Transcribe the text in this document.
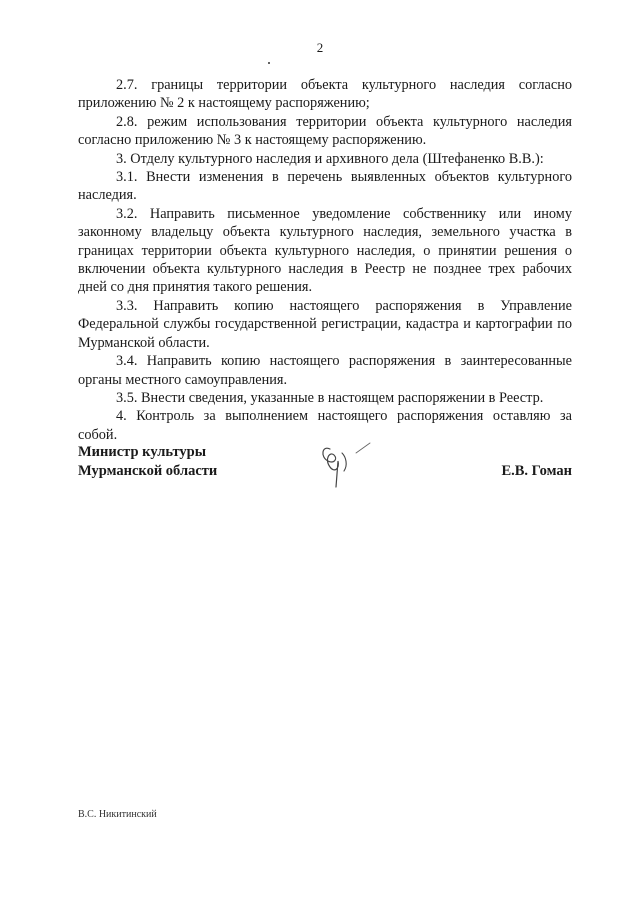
2

2.7. границы территории объекта культурного наследия согласно приложению № 2 к настоящему распоряжению;

2.8. режим использования территории объекта культурного наследия согласно приложению № 3 к настоящему распоряжению.

3. Отделу культурного наследия и архивного дела (Штефаненко В.В.):

3.1. Внести изменения в перечень выявленных объектов культурного наследия.

3.2. Направить письменное уведомление собственнику или иному законному владельцу объекта культурного наследия, земельного участка в границах территории объекта культурного наследия, о принятии решения о включении объекта культурного наследия в Реестр не позднее трех рабочих дней со дня принятия такого решения.

3.3. Направить копию настоящего распоряжения в Управление Федеральной службы государственной регистрации, кадастра и картографии по Мурманской области.

3.4. Направить копию настоящего распоряжения в заинтересованные органы местного самоуправления.

3.5. Внести сведения, указанные в настоящем распоряжении в Реестр.

4. Контроль за выполнением настоящего распоряжения оставляю за собой.

Министр культуры
Мурманской области	Е.В. Гоман
В.С. Никитинский
